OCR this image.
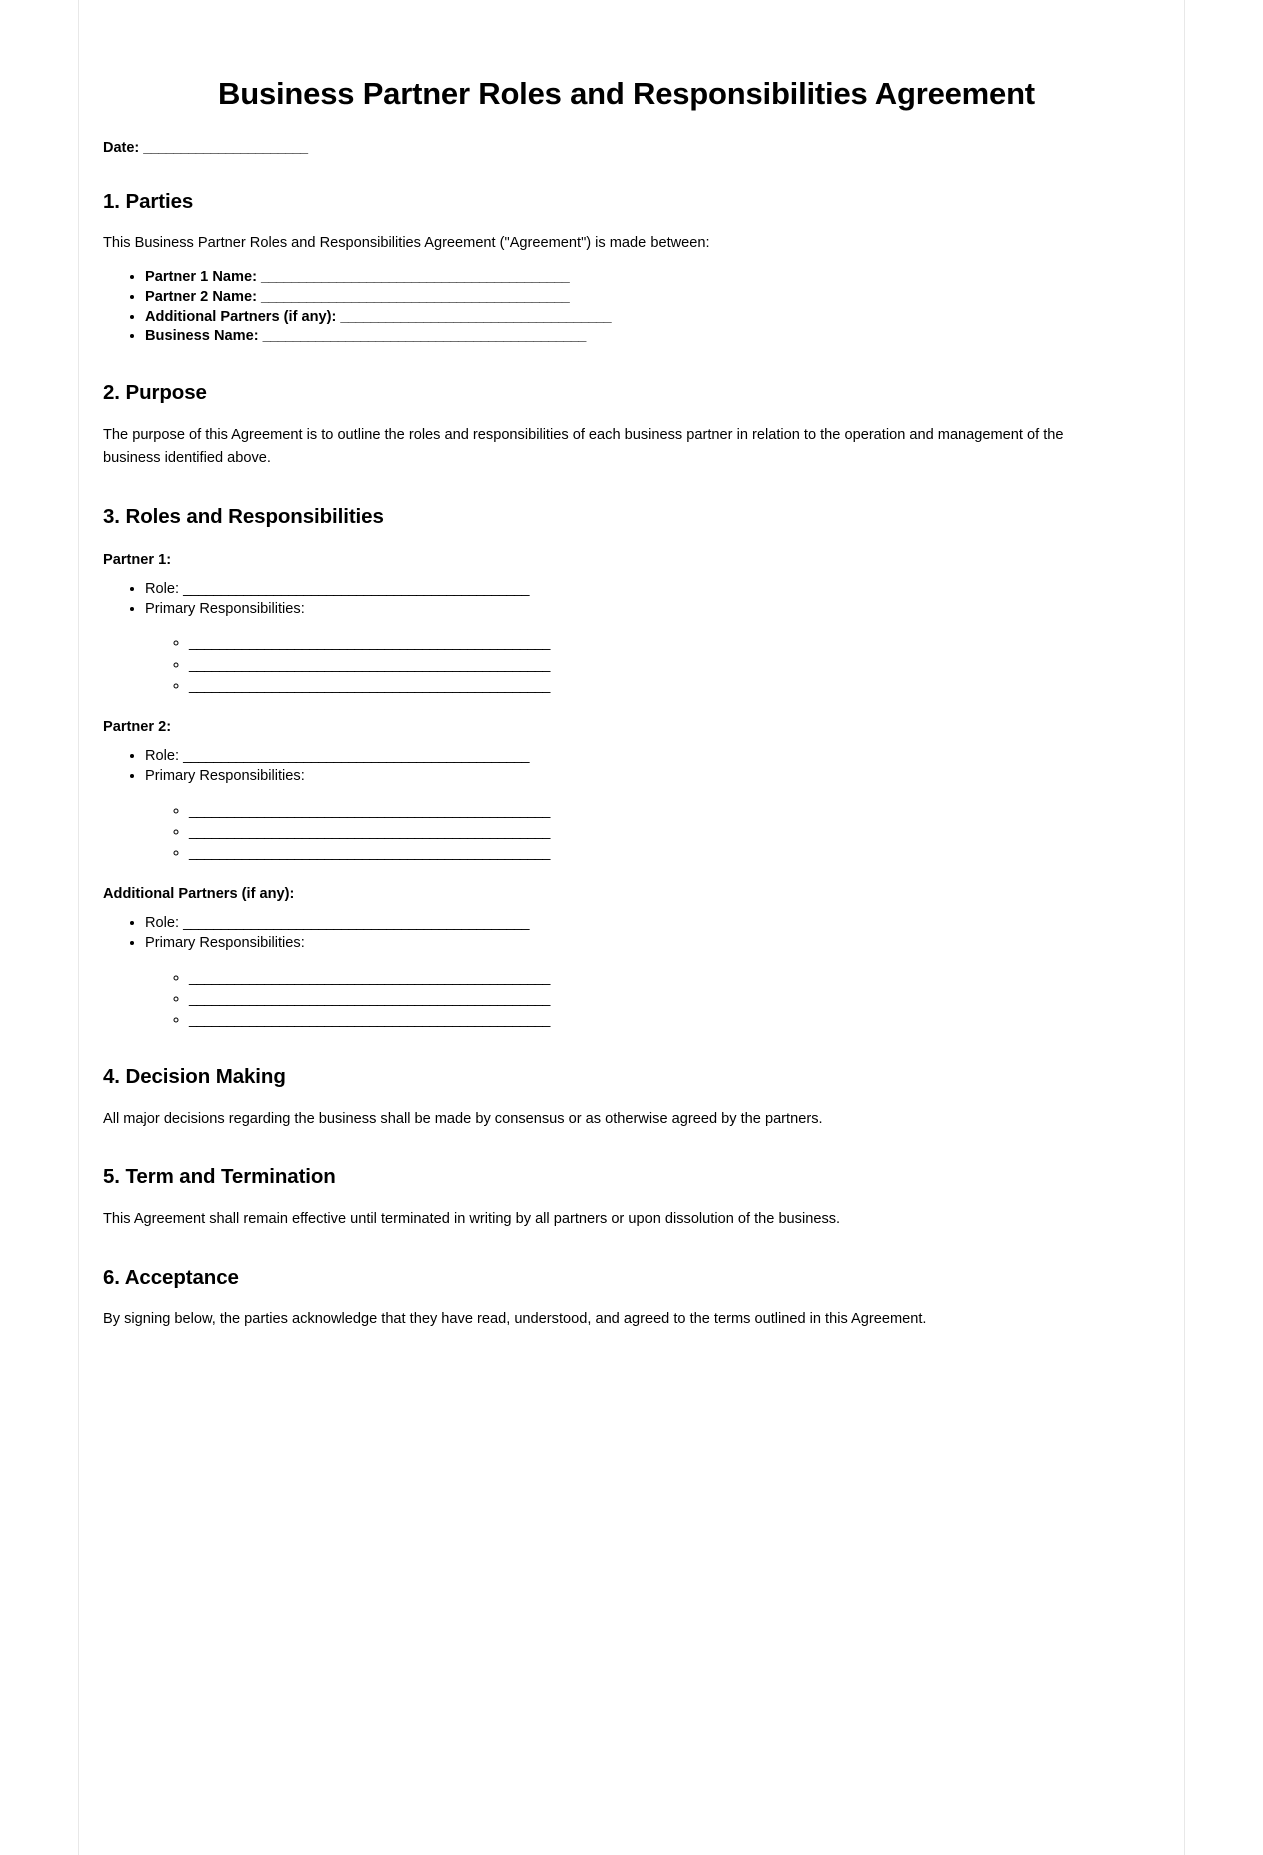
Business Partner Roles and Responsibilities Agreement
Date: ______________________
1. Parties

This Business Partner Roles and Responsibilities Agreement ("Agreement") is made between:

• Partner 1 Name: _________________________________________
• Partner 2 Name: _________________________________________
• Additional Partners (if any): ____________________________________
• Business Name: ___________________________________________
2. Purpose

The purpose of this Agreement is to outline the roles and responsibilities of each business partner in relation to the operation and management of the business identified above.

3. Roles and Responsibilities
Partner 1:
• Role: ______________________________________________
• Primary Responsibilities:
◦ ________________________________________________
◦ ________________________________________________
◦ ________________________________________________
Partner 2:
• Role: ______________________________________________
• Primary Responsibilities:
◦ ________________________________________________
◦ ________________________________________________
◦ ________________________________________________
Additional Partners (if any):
• Role: ______________________________________________
• Primary Responsibilities:
◦ ________________________________________________
◦ ________________________________________________
◦ ________________________________________________
4. Decision Making

All major decisions regarding the business shall be made by consensus or as otherwise agreed by the partners.

5. Term and Termination

This Agreement shall remain effective until terminated in writing by all partners or upon dissolution of the business.

6. Acceptance

By signing below, the parties acknowledge that they have read, understood, and agreed to the terms outlined in this Agreement.
